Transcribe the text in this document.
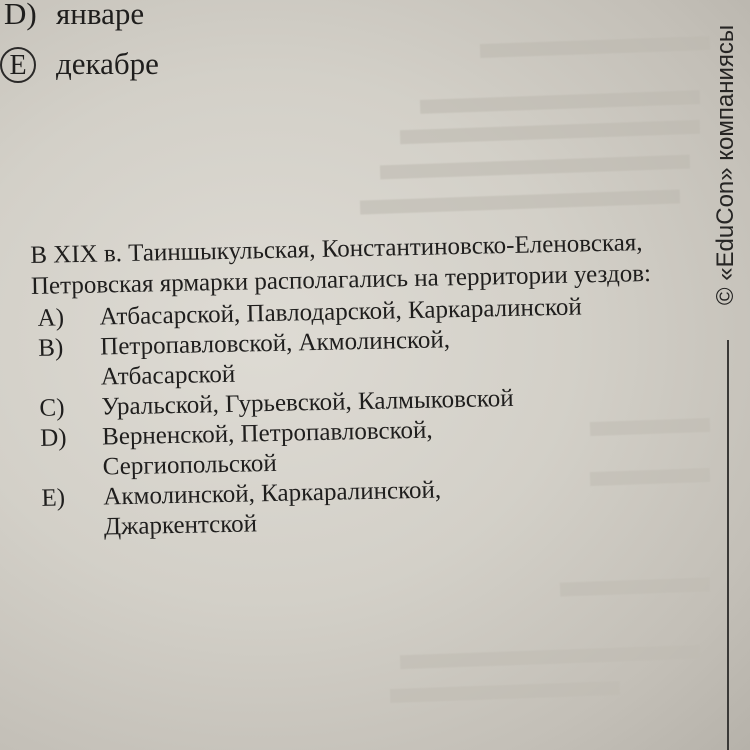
D) январе
E декабре

В XIX в. Таиншыкульская, Константиновско-Еленовская, Петровская ярмарки располагались на территории уездов:

A)	Атбасарской, Павлодарской, Каркаралинской
B)	Петропавловской, Акмолинской, Атбасарской
C)	Уральской, Гурьевской, Калмыковской
D)	Верненской, Петропавловской, Сергиопольской
E)	Акмолинской, Каркаралинской, Джаркентской
© «EduCon» компаниясы
